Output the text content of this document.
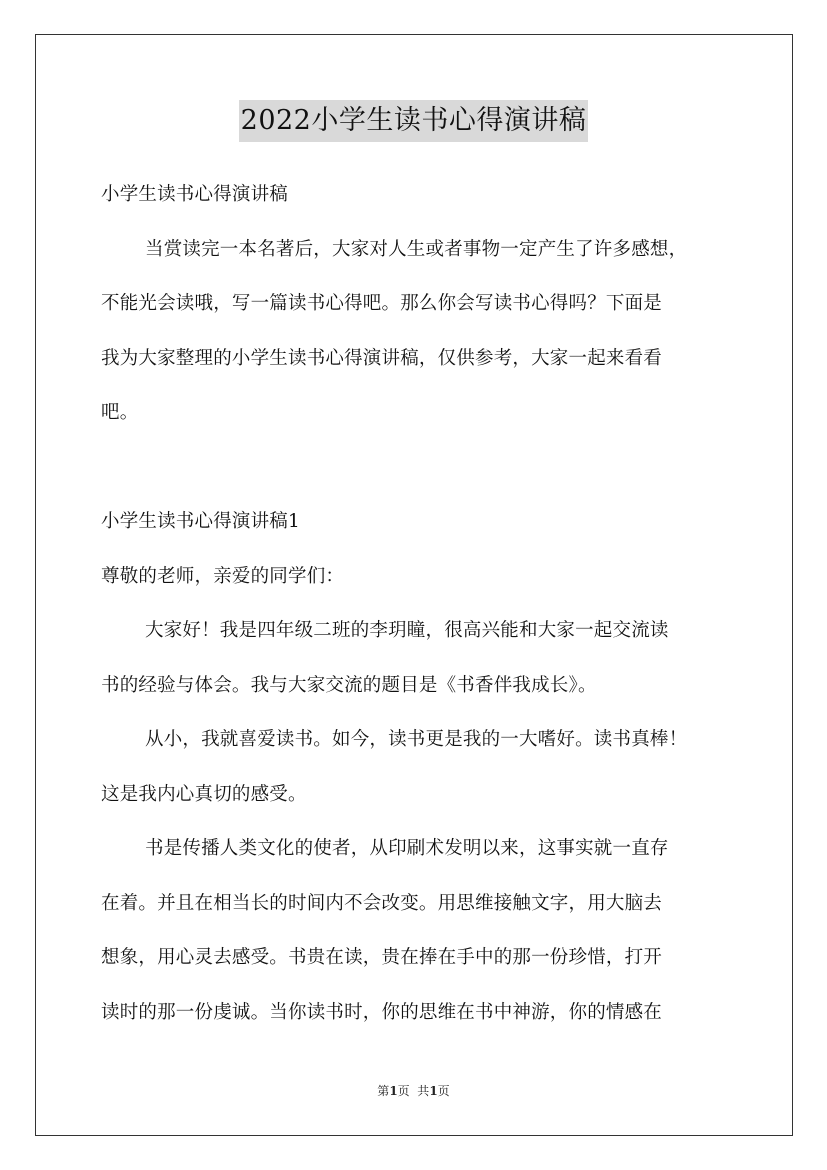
2022小学生读书心得演讲稿
小学生读书心得演讲稿
当赏读完一本名著后，大家对人生或者事物一定产生了许多感想，
不能光会读哦，写一篇读书心得吧。那么你会写读书心得吗？下面是
我为大家整理的小学生读书心得演讲稿，仅供参考，大家一起来看看
吧。
小学生读书心得演讲稿1
尊敬的老师，亲爱的同学们：
大家好！我是四年级二班的李玥瞳，很高兴能和大家一起交流读
书的经验与体会。我与大家交流的题目是《书香伴我成长》。
从小，我就喜爱读书。如今，读书更是我的一大嗜好。读书真棒！
这是我内心真切的感受。
书是传播人类文化的使者，从印刷术发明以来，这事实就一直存
在着。并且在相当长的时间内不会改变。用思维接触文字，用大脑去
想象，用心灵去感受。书贵在读，贵在捧在手中的那一份珍惜，打开
读时的那一份虔诚。当你读书时，你的思维在书中神游，你的情感在
第1页  共1页
